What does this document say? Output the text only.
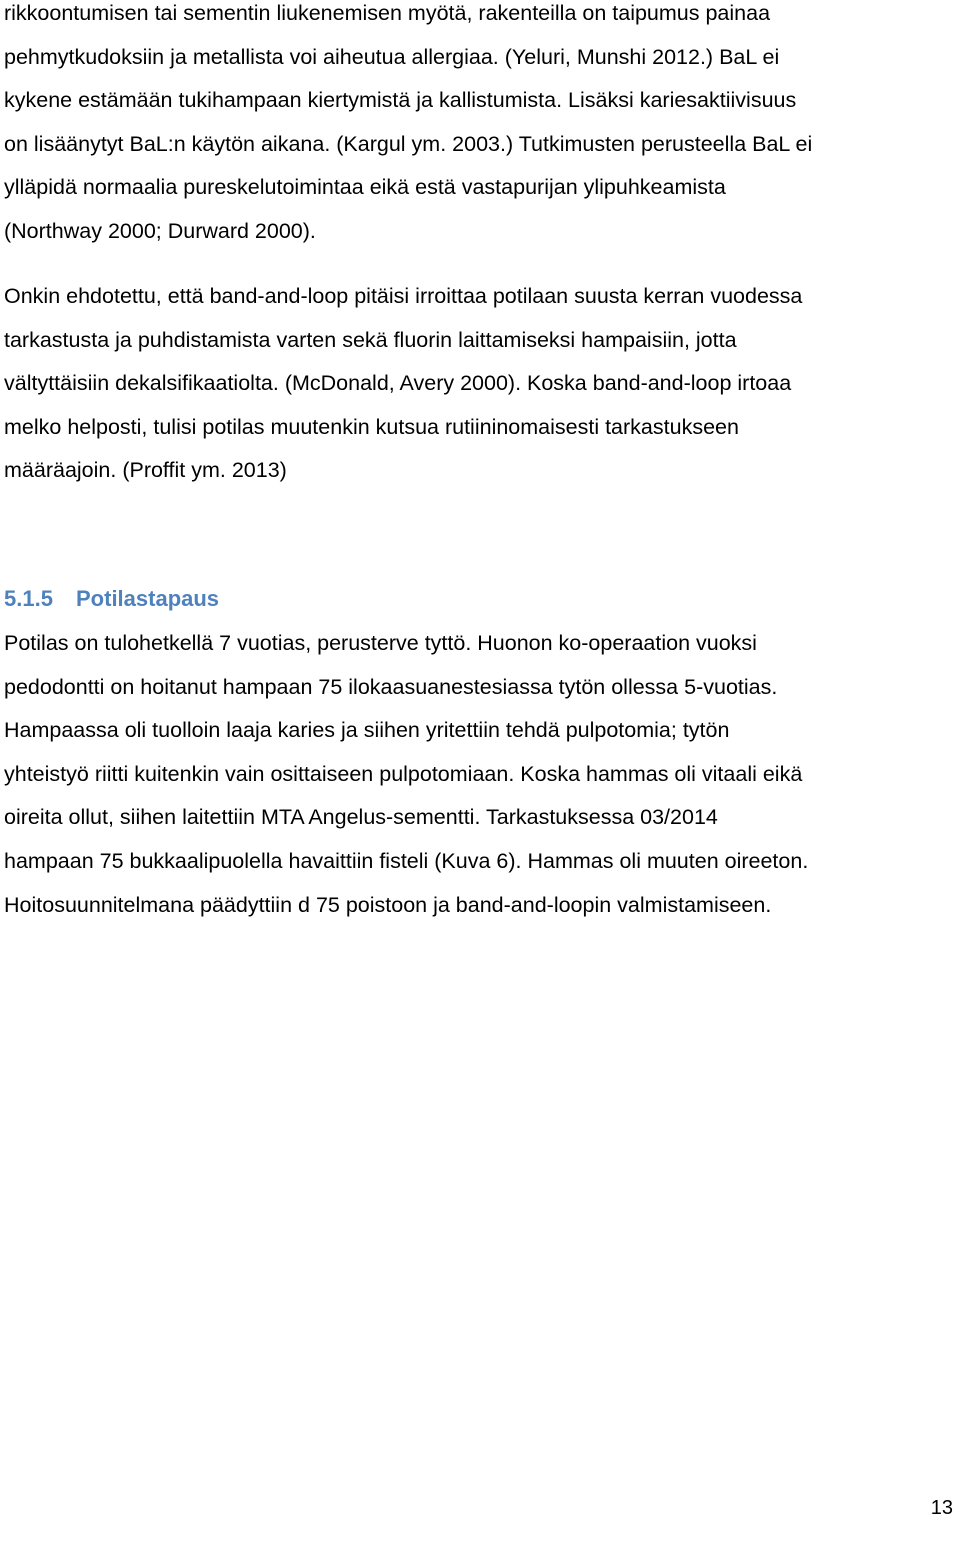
rikkoontumisen tai sementin liukenemisen myötä, rakenteilla on taipumus painaa
pehmytkudoksiin ja metallista voi aiheutua allergiaa. (Yeluri, Munshi 2012.) BaL ei
kykene estämään tukihampaan kiertymistä ja kallistumista. Lisäksi kariesaktiivisuus
on lisäänytyt BaL:n käytön aikana. (Kargul ym. 2003.) Tutkimusten perusteella BaL ei
ylläpidä normaalia pureskelutoimintaa eikä estä vastapurijan ylipuhkeamista
(Northway 2000; Durward 2000).

Onkin ehdotettu, että band-and-loop pitäisi irroittaa potilaan suusta kerran vuodessa
tarkastusta ja puhdistamista varten sekä fluorin laittamiseksi hampaisiin, jotta
vältyttäisiin dekalsifikaatiolta. (McDonald, Avery 2000). Koska band-and-loop irtoaa
melko helposti, tulisi potilas muutenkin kutsua rutiininomaisesti tarkastukseen
määräajoin. (Proffit ym. 2013)

5.1.5 Potilastapaus

Potilas on tulohetkellä 7 vuotias, perusterve tyttö. Huonon ko-operaation vuoksi
pedodontti on hoitanut hampaan 75 ilokaasuanestesiassa tytön ollessa 5-vuotias.
Hampaassa oli tuolloin laaja karies ja siihen yritettiin tehdä pulpotomia; tytön
yhteistyö riitti kuitenkin vain osittaiseen pulpotomiaan. Koska hammas oli vitaali eikä
oireita ollut, siihen laitettiin MTA Angelus-sementti. Tarkastuksessa 03/2014
hampaan 75 bukkaalipuolella havaittiin fisteli (Kuva 6). Hammas oli muuten oireeton.
Hoitosuunnitelmana päädyttiin d 75 poistoon ja band-and-loopin valmistamiseen.

13
